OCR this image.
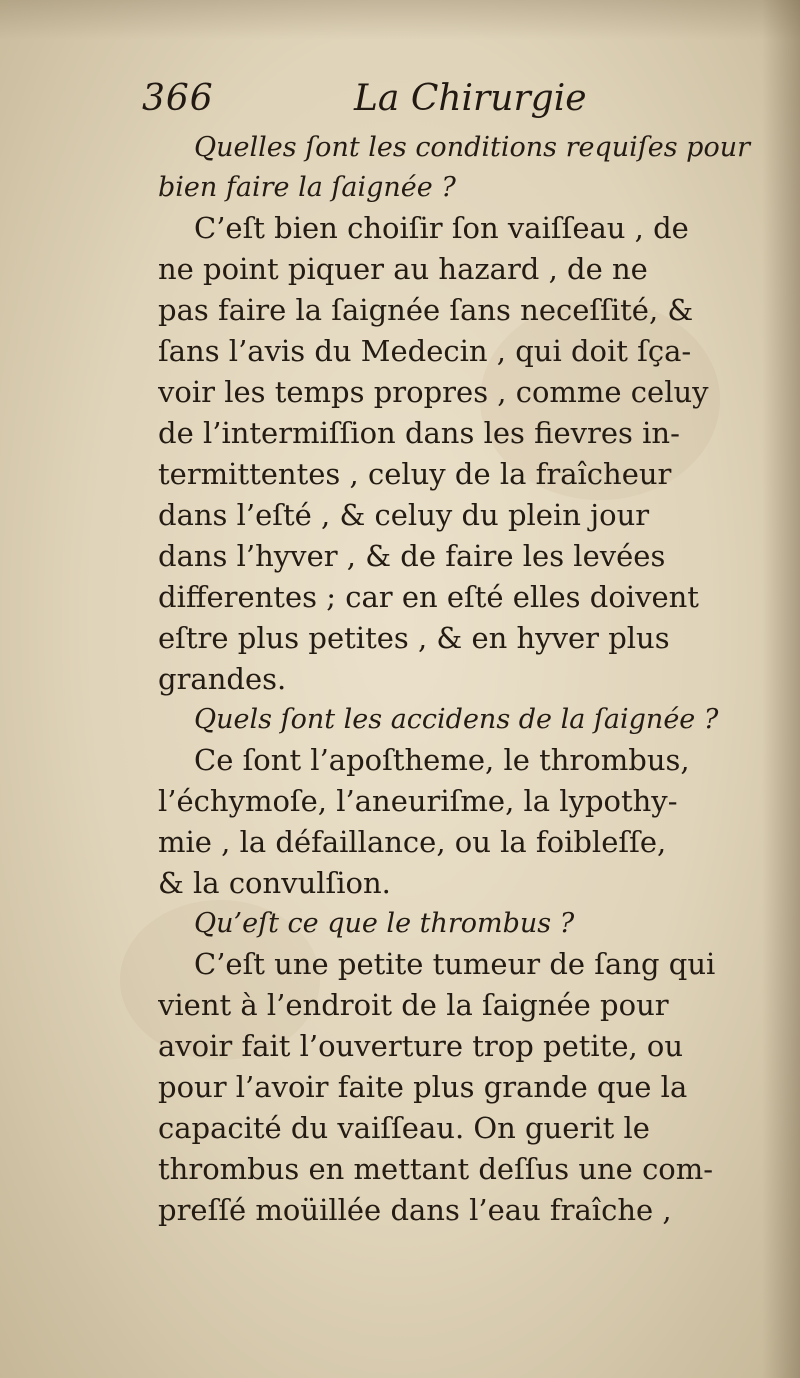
366	La Chirurgie
Quelles ſont les conditions requiſes pour
bien faire la ſaignée ?
C’eſt bien choiſir ſon vaiſſeau , de
ne point piquer au hazard , de ne
pas faire la ſaignée ſans neceſſité, &
ſans l’avis du Medecin , qui doit ſça-
voir les temps propres , comme celuy
de l’intermiſſion dans les fievres in-
termittentes , celuy de la fraîcheur
dans l’eſté , & celuy du plein jour
dans l’hyver , & de faire les levées
differentes ; car en eſté elles doivent
eſtre plus petites , & en hyver plus
grandes.
Quels ſont les accidens de la ſaignée ?
Ce ſont l’apoſtheme, le thrombus,
l’échymoſe, l’aneuriſme, la lypothy-
mie , la défaillance, ou la foibleſſe,
& la convulſion.
Qu’eſt ce que le thrombus ?
C’eſt une petite tumeur de ſang qui
vient à l’endroit de la ſaignée pour
avoir fait l’ouverture trop petite, ou
pour l’avoir faite plus grande que la
capacité du vaiſſeau. On guerit le
thrombus en mettant deſſus une com-
preſſé moüillée dans l’eau fraîche ,
